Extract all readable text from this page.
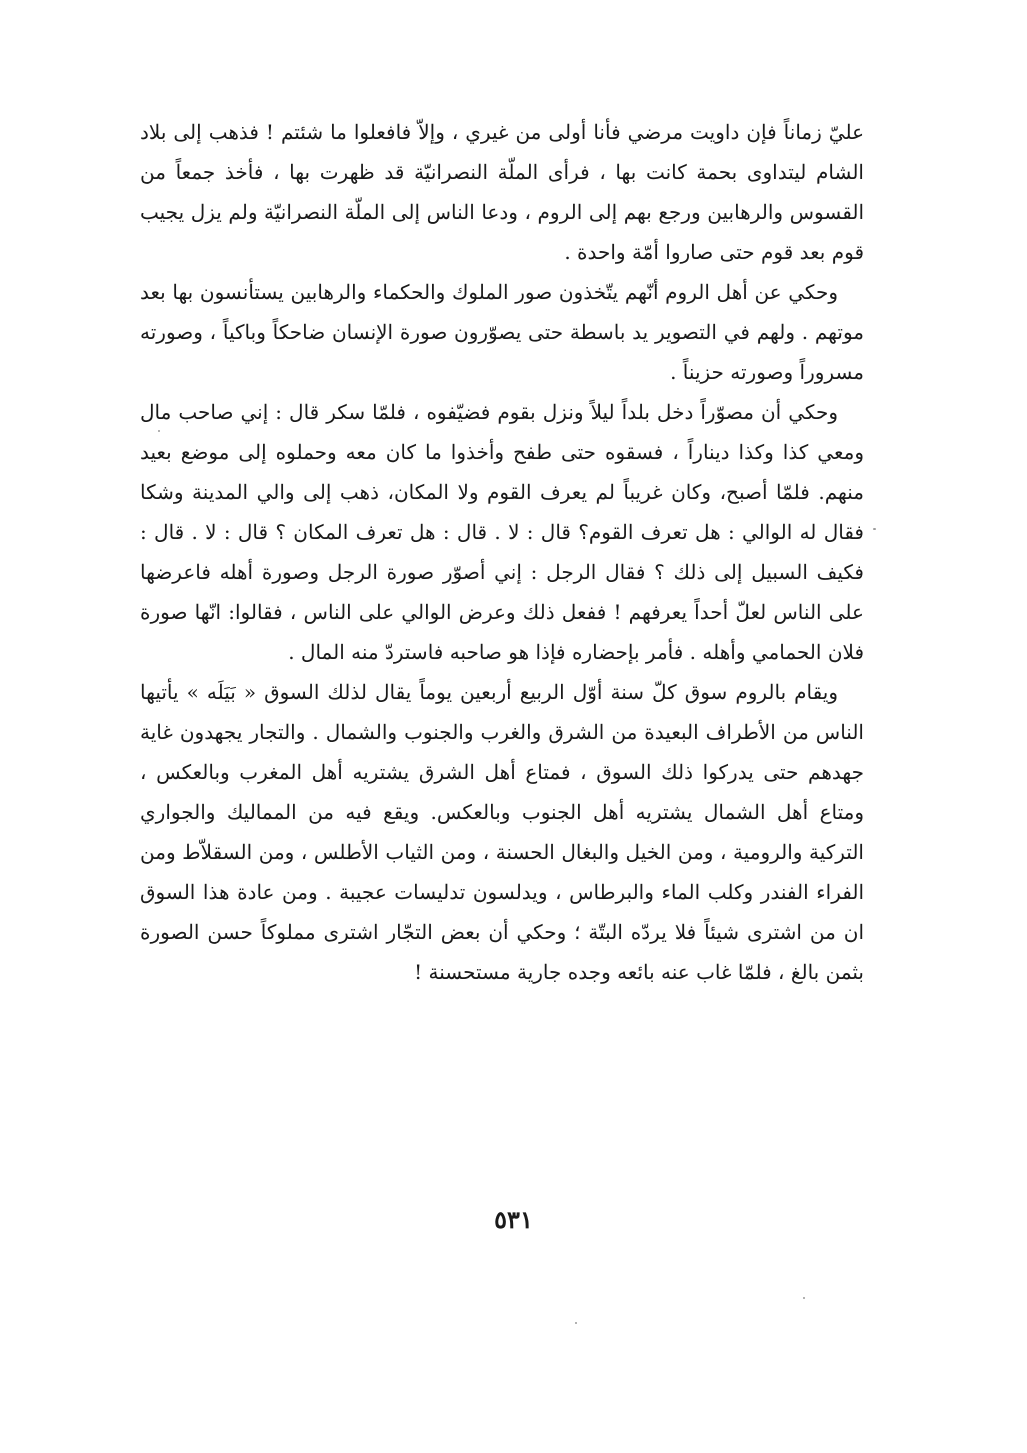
عليّ زماناً فإن داويت مرضي فأنا أولى من غيري ، وإلاّ فافعلوا ما شئتم ! فذهب إلى بلاد الشام ليتداوى بحمة كانت بها ، فرأى الملّة النصرانيّة قد ظهرت بها ، فأخذ جمعاً من القسوس والرهابين ورجع بهم إلى الروم ، ودعا الناس إلى الملّة النصرانيّة ولم يزل يجيب قوم بعد قوم حتى صاروا أمّة واحدة .

وحكي عن أهل الروم أنّهم يتّخذون صور الملوك والحكماء والرهابين يستأنسون بها بعد موتهم . ولهم في التصوير يد باسطة حتى يصوّرون صورة الإنسان ضاحكاً وباكياً ، وصورته مسروراً وصورته حزيناً .

وحكي أن مصوّراً دخل بلداً ليلاً ونزل بقوم فضيّفوه ، فلمّا سكر قال : إني صاحب مال ومعي كذا وكذا ديناراً ، فسقوه حتى طفح وأخذوا ما كان معه وحملوه إلى موضع بعيد منهم. فلمّا أصبح، وكان غريباً لم يعرف القوم ولا المكان، ذهب إلى والي المدينة وشكا فقال له الوالي : هل تعرف القوم؟ قال : لا . قال : هل تعرف المكان ؟ قال : لا . قال : فكيف السبيل إلى ذلك ؟ فقال الرجل : إني أصوّر صورة الرجل وصورة أهله فاعرضها على الناس لعلّ أحداً يعرفهم ! ففعل ذلك وعرض الوالي على الناس ، فقالوا: انّها صورة فلان الحمامي وأهله . فأمر بإحضاره فإذا هو صاحبه فاستردّ منه المال .

ويقام بالروم سوق كلّ سنة أوّل الربيع أربعين يوماً يقال لذلك السوق « بَيَلَه » يأتيها الناس من الأطراف البعيدة من الشرق والغرب والجنوب والشمال . والتجار يجهدون غاية جهدهم حتى يدركوا ذلك السوق ، فمتاع أهل الشرق يشتريه أهل المغرب وبالعكس ، ومتاع أهل الشمال يشتريه أهل الجنوب وبالعكس. ويقع فيه من المماليك والجواري التركية والرومية ، ومن الخيل والبغال الحسنة ، ومن الثياب الأطلس ، ومن السقلاّط ومن الفراء الفندر وكلب الماء والبرطاس ، ويدلسون تدليسات عجيبة . ومن عادة هذا السوق ان من اشترى شيئاً فلا يردّه البتّة ؛ وحكي أن بعض التجّار اشترى مملوكاً حسن الصورة بثمن بالغ ، فلمّا غاب عنه بائعه وجده جارية مستحسنة !

٥٣١
